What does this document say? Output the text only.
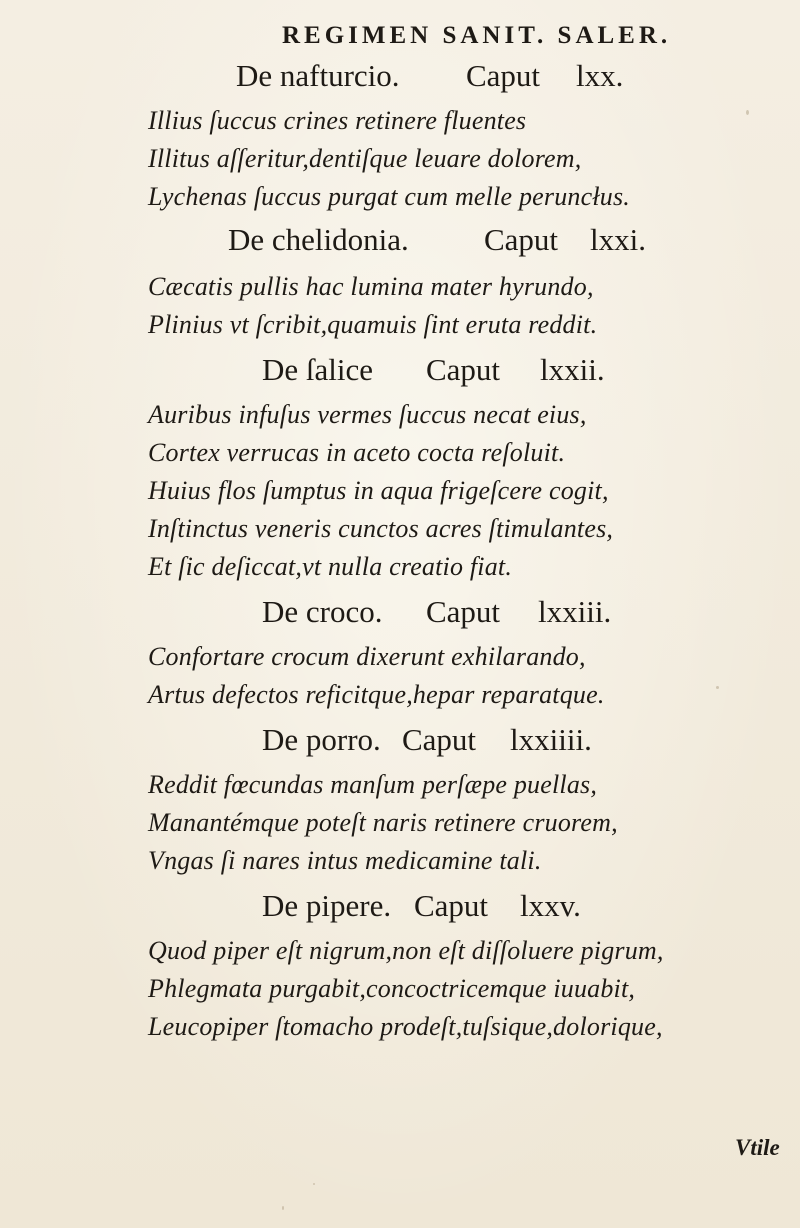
REGIMEN SANIT. SALER.
De nafturcio. Caput lxx.
Illius ſuccus crines retinere fluentes
Illitus aſſeritur,dentiſque leuare dolorem,
Lychenas ſuccus purgat cum melle peruncłus.
De chelidonia. Caput lxxi.
Cæcatis pullis hac lumina mater hyrundo,
Plinius vt ſcribit,quamuis ſint eruta reddit.
De ſalice Caput lxxii.
Auribus infuſus vermes ſuccus necat eius,
Cortex verrucas in aceto cocta reſoluit.
Huius flos ſumptus in aqua frigeſcere cogit,
Inſtinctus veneris cunctos acres ſtimulantes,
Et ſic deſiccat,vt nulla creatio fiat.
De croco. Caput lxxiii.
Confortare crocum dixerunt exhilarando,
Artus defectos reficitque,hepar reparatque.
De porro. Caput lxxiiii.
Reddit fœcundas manſum perſæpe puellas,
Manantémque poteſt naris retinere cruorem,
Vngas ſi nares intus medicamine tali.
De pipere. Caput lxxv.
Quod piper eſt nigrum,non eſt diſſoluere pigrum,
Phlegmata purgabit,concoctricemque iuuabit,
Leucopiper ſtomacho prodeſt,tuſsique,dolorique,
Vtile
